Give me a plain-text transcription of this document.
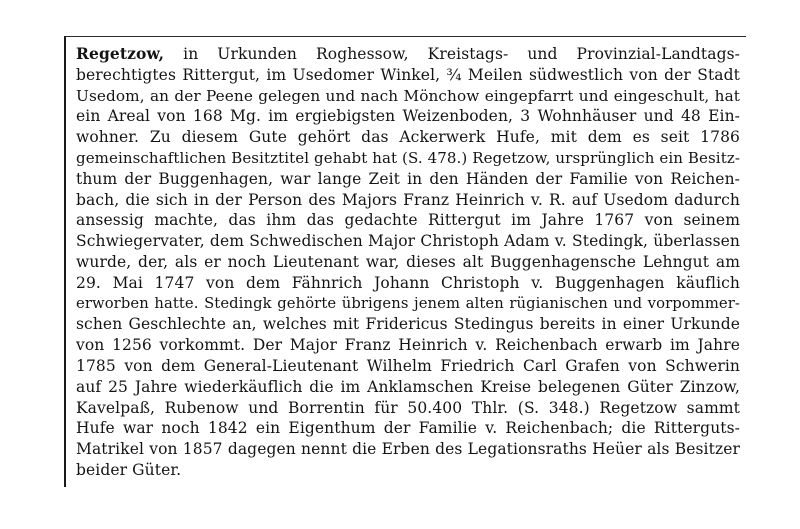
Regetzow, in Urkunden Roghessow, Kreistags- und Provinzial-Landtags-
berechtigtes Rittergut, im Usedomer Winkel, ¾ Meilen südwestlich von der Stadt
Usedom, an der Peene gelegen und nach Mönchow eingepfarrt und eingeschult, hat
ein Areal von 168 Mg. im ergiebigsten Weizenboden, 3 Wohnhäuser und 48 Ein-
wohner. Zu diesem Gute gehört das Ackerwerk Hufe, mit dem es seit 1786
gemeinschaftlichen Besitztitel gehabt hat (S. 478.) Regetzow, ursprünglich ein Besitz-
thum der Buggenhagen, war lange Zeit in den Händen der Familie von Reichen-
bach, die sich in der Person des Majors Franz Heinrich v. R. auf Usedom dadurch
ansessig machte, das ihm das gedachte Rittergut im Jahre 1767 von seinem
Schwiegervater, dem Schwedischen Major Christoph Adam v. Stedingk, überlassen
wurde, der, als er noch Lieutenant war, dieses alt Buggenhagensche Lehngut am
29. Mai 1747 von dem Fähnrich Johann Christoph v. Buggenhagen käuflich
erworben hatte. Stedingk gehörte übrigens jenem alten rügianischen und vorpommer-
schen Geschlechte an, welches mit Fridericus Stedingus bereits in einer Urkunde
von 1256 vorkommt. Der Major Franz Heinrich v. Reichenbach erwarb im Jahre
1785 von dem General-Lieutenant Wilhelm Friedrich Carl Grafen von Schwerin
auf 25 Jahre wiederkäuflich die im Anklamschen Kreise belegenen Güter Zinzow,
Kavelpaß, Rubenow und Borrentin für 50.400 Thlr. (S. 348.) Regetzow sammt
Hufe war noch 1842 ein Eigenthum der Familie v. Reichenbach; die Ritterguts-
Matrikel von 1857 dagegen nennt die Erben des Legationsraths Heüer als Besitzer
beider Güter.
